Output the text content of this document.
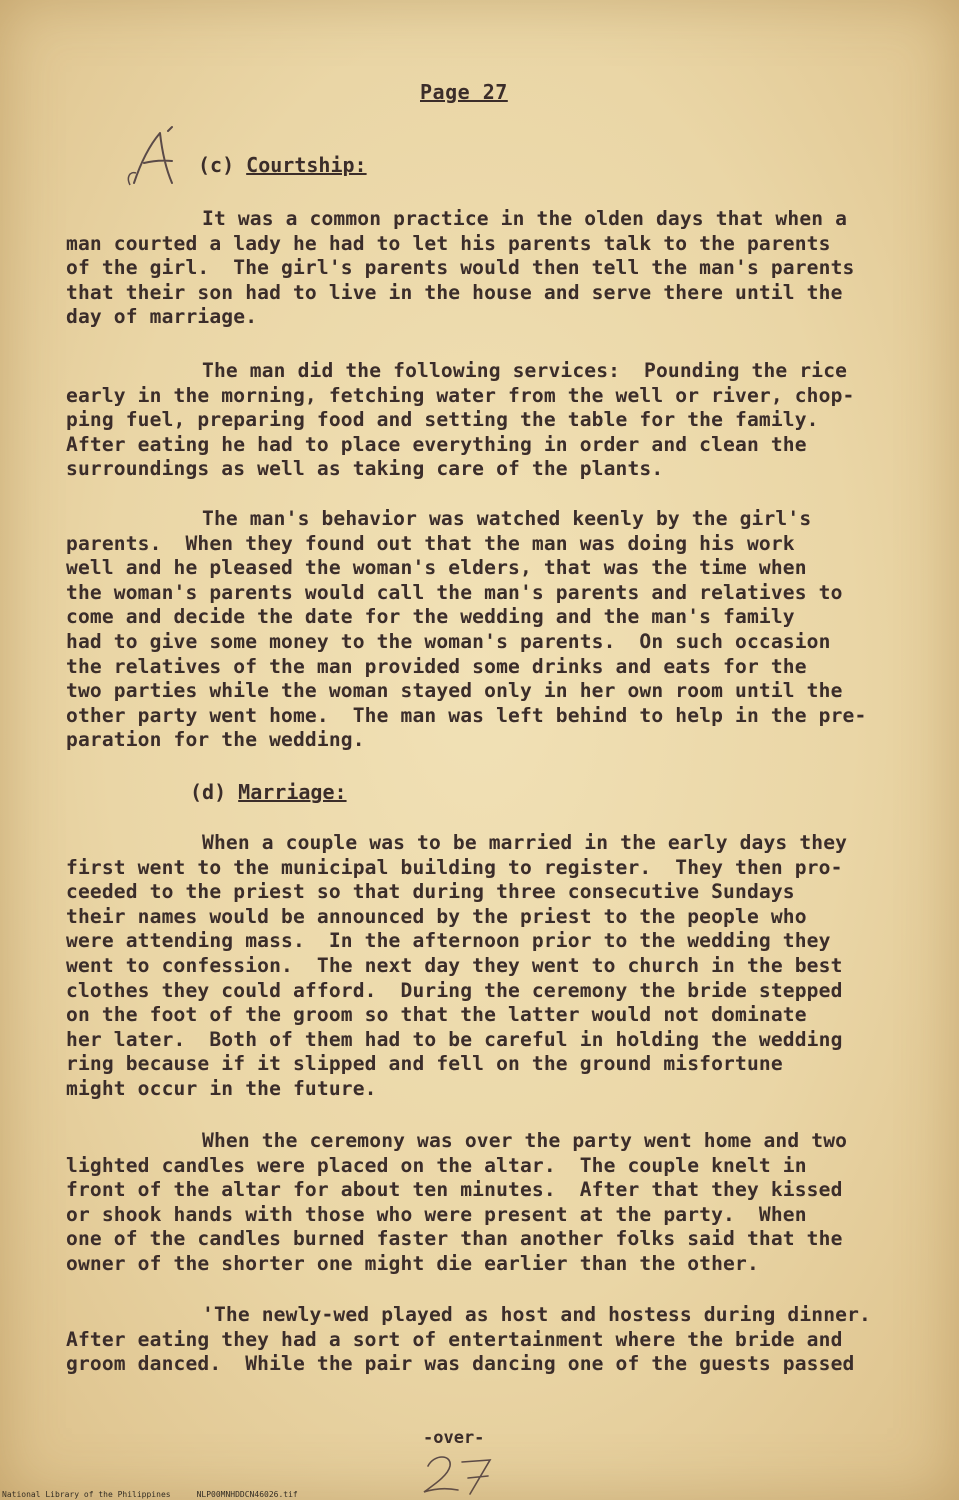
Page 27
(c) Courtship:
It was a common practice in the olden days that when a
man courted a lady he had to let his parents talk to the parents
of the girl.  The girl's parents would then tell the man's parents
that their son had to live in the house and serve there until the
day of marriage.
The man did the following services:  Pounding the rice
early in the morning, fetching water from the well or river, chop-
ping fuel, preparing food and setting the table for the family.
After eating he had to place everything in order and clean the
surroundings as well as taking care of the plants.
The man's behavior was watched keenly by the girl's
parents.  When they found out that the man was doing his work
well and he pleased the woman's elders, that was the time when
the woman's parents would call the man's parents and relatives to
come and decide the date for the wedding and the man's family
had to give some money to the woman's parents.  On such occasion
the relatives of the man provided some drinks and eats for the
two parties while the woman stayed only in her own room until the
other party went home.  The man was left behind to help in the pre-
paration for the wedding.
(d) Marriage:
When a couple was to be married in the early days they
first went to the municipal building to register.  They then pro-
ceeded to the priest so that during three consecutive Sundays
their names would be announced by the priest to the people who
were attending mass.  In the afternoon prior to the wedding they
went to confession.  The next day they went to church in the best
clothes they could afford.  During the ceremony the bride stepped
on the foot of the groom so that the latter would not dominate
her later.  Both of them had to be careful in holding the wedding
ring because if it slipped and fell on the ground misfortune
might occur in the future.
When the ceremony was over the party went home and two
lighted candles were placed on the altar.  The couple knelt in
front of the altar for about ten minutes.  After that they kissed
or shook hands with those who were present at the party.  When
one of the candles burned faster than another folks said that the
owner of the shorter one might die earlier than the other.
'The newly-wed played as host and hostess during dinner.
After eating they had a sort of entertainment where the bride and
groom danced.  While the pair was dancing one of the guests passed
-over-
National Library of the Philippines	NLP00MNHDDCN46026.tif
